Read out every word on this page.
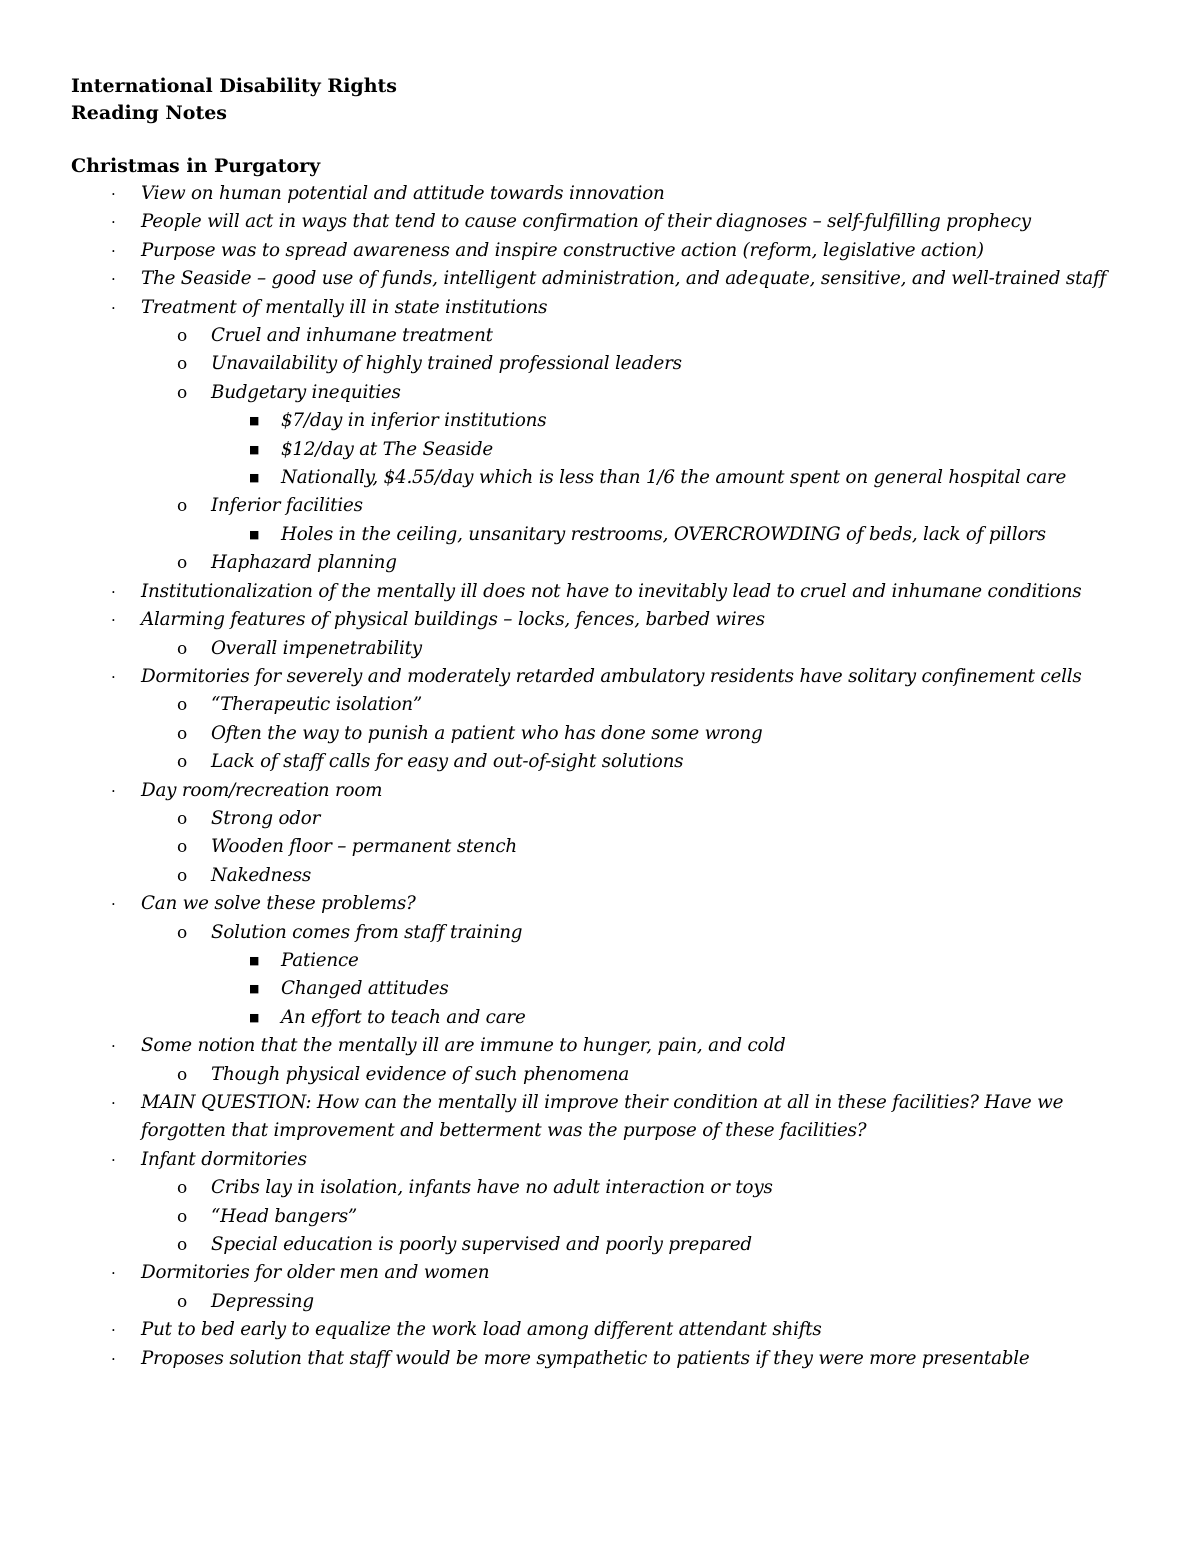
International Disability Rights
Reading Notes
Christmas in Purgatory
· View on human potential and attitude towards innovation
· People will act in ways that tend to cause confirmation of their diagnoses – self-fulfilling prophecy
· Purpose was to spread awareness and inspire constructive action (reform, legislative action)
· The Seaside – good use of funds, intelligent administration, and adequate, sensitive, and well-trained staff
· Treatment of mentally ill in state institutions
o Cruel and inhumane treatment
o Unavailability of highly trained professional leaders
o Budgetary inequities
■ $7/day in inferior institutions
■ $12/day at The Seaside
■ Nationally, $4.55/day which is less than 1/6 the amount spent on general hospital care
o Inferior facilities
■ Holes in the ceiling, unsanitary restrooms, OVERCROWDING of beds, lack of pillors
o Haphazard planning
· Institutionalization of the mentally ill does not have to inevitably lead to cruel and inhumane conditions
· Alarming features of physical buildings – locks, fences, barbed wires
o Overall impenetrability
· Dormitories for severely and moderately retarded ambulatory residents have solitary confinement cells
o “Therapeutic isolation”
o Often the way to punish a patient who has done some wrong
o Lack of staff calls for easy and out-of-sight solutions
· Day room/recreation room
o Strong odor
o Wooden floor – permanent stench
o Nakedness
· Can we solve these problems?
o Solution comes from staff training
■ Patience
■ Changed attitudes
■ An effort to teach and care
· Some notion that the mentally ill are immune to hunger, pain, and cold
o Though physical evidence of such phenomena
· MAIN QUESTION: How can the mentally ill improve their condition at all in these facilities? Have we forgotten that improvement and betterment was the purpose of these facilities?
· Infant dormitories
o Cribs lay in isolation, infants have no adult interaction or toys
o “Head bangers”
o Special education is poorly supervised and poorly prepared
· Dormitories for older men and women
o Depressing
· Put to bed early to equalize the work load among different attendant shifts
· Proposes solution that staff would be more sympathetic to patients if they were more presentable
